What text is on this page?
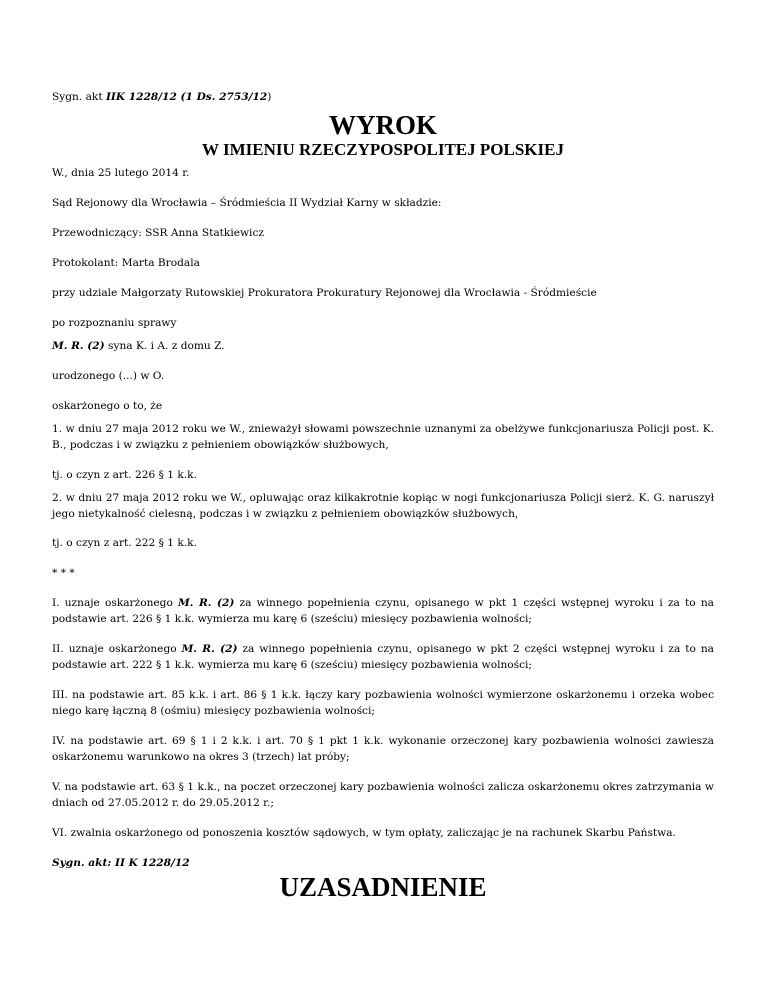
Sygn. akt IIK 1228/12 (1 Ds. 2753/12)

WYROK
W IMIENIU RZECZYPOSPOLITEJ POLSKIEJ

W., dnia 25 lutego 2014 r.

Sąd Rejonowy dla Wrocławia – Śródmieścia II Wydział Karny w składzie:

Przewodniczący: SSR Anna Statkiewicz

Protokolant: Marta Brodala

przy udziale Małgorzaty Rutowskiej Prokuratora Prokuratury Rejonowej dla Wrocławia - Śródmieście

po rozpoznaniu sprawy

M. R. (2) syna K. i A. z domu Z.

urodzonego (...) w O.

oskarżonego o to, że

1. w dniu 27 maja 2012 roku we W., znieważył słowami powszechnie uznanymi za obelżywe funkcjonariusza Policji post. K. B., podczas i w związku z pełnieniem obowiązków służbowych,

tj. o czyn z art. 226 § 1 k.k.

2. w dniu 27 maja 2012 roku we W., opluwając oraz kilkakrotnie kopiąc w nogi funkcjonariusza Policji sierż. K. G. naruszył jego nietykalność cielesną, podczas i w związku z pełnieniem obowiązków służbowych,

tj. o czyn z art. 222 § 1 k.k.

* * *

I. uznaje oskarżonego M. R. (2) za winnego popełnienia czynu, opisanego w pkt 1 części wstępnej wyroku i za to na podstawie art. 226 § 1 k.k. wymierza mu karę 6 (sześciu) miesięcy pozbawienia wolności;

II. uznaje oskarżonego M. R. (2) za winnego popełnienia czynu, opisanego w pkt 2 części wstępnej wyroku i za to na podstawie art. 222 § 1 k.k. wymierza mu karę 6 (sześciu) miesięcy pozbawienia wolności;

III. na podstawie art. 85 k.k. i art. 86 § 1 k.k. łączy kary pozbawienia wolności wymierzone oskarżonemu i orzeka wobec niego karę łączną 8 (ośmiu) miesięcy pozbawienia wolności;

IV. na podstawie art. 69 § 1 i 2 k.k. i art. 70 § 1 pkt 1 k.k. wykonanie orzeczonej kary pozbawienia wolności zawiesza oskarżonemu warunkowo na okres 3 (trzech) lat próby;

V. na podstawie art. 63 § 1 k.k., na poczet orzeczonej kary pozbawienia wolności zalicza oskarżonemu okres zatrzymania w dniach od 27.05.2012 r. do 29.05.2012 r.;

VI. zwalnia oskarżonego od ponoszenia kosztów sądowych, w tym opłaty, zaliczając je na rachunek Skarbu Państwa.

Sygn. akt: II K 1228/12

UZASADNIENIE
